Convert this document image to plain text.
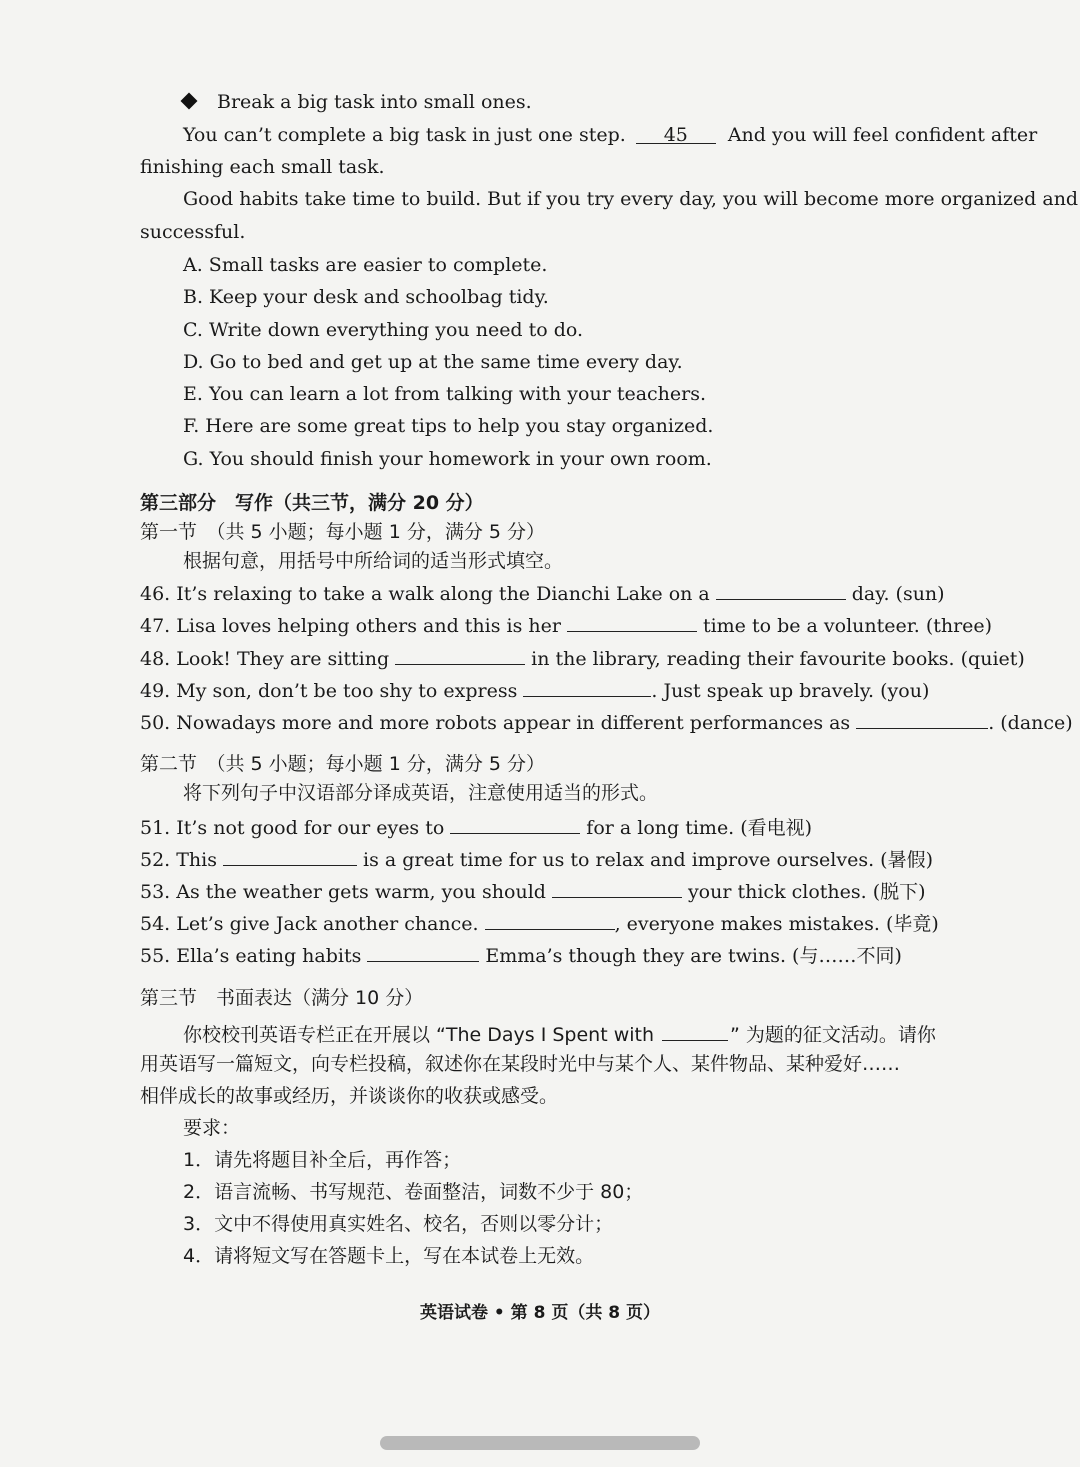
Break a big task into small ones.
You can’t complete a big task in just one step. 45 And you will feel confident after
finishing each small task.
Good habits take time to build. But if you try every day, you will become more organized and
successful.
A. Small tasks are easier to complete.
B. Keep your desk and schoolbag tidy.
C. Write down everything you need to do.
D. Go to bed and get up at the same time every day.
E. You can learn a lot from talking with your teachers.
F. Here are some great tips to help you stay organized.
G. You should finish your homework in your own room.
第三部分　写作（共三节，满分 20 分）
第一节　（共 5 小题；每小题 1 分，满分 5 分）
根据句意，用括号中所给词的适当形式填空。
46. It’s relaxing to take a walk along the Dianchi Lake on a	day. (sun)
47. Lisa loves helping others and this is her	time to be a volunteer. (three)
48. Look! They are sitting	in the library, reading their favourite books. (quiet)
49. My son, don’t be too shy to express	. Just speak up bravely. (you)
50. Nowadays more and more robots appear in different performances as	. (dance)
第二节　（共 5 小题；每小题 1 分，满分 5 分）
将下列句子中汉语部分译成英语，注意使用适当的形式。
51. It’s not good for our eyes to	for a long time. (看电视)
52. This	is a great time for us to relax and improve ourselves. (暑假)
53. As the weather gets warm, you should	your thick clothes. (脱下)
54. Let’s give Jack another chance.	, everyone makes mistakes. (毕竟)
55. Ella’s eating habits	Emma’s though they are twins. (与……不同)
第三节　书面表达（满分 10 分）
你校校刊英语专栏正在开展以 “The Days I Spent with	” 为题的征文活动。请你
用英语写一篇短文，向专栏投稿，叙述你在某段时光中与某个人、某件物品、某种爱好……
相伴成长的故事或经历，并谈谈你的收获或感受。
要求：
1．请先将题目补全后，再作答；
2．语言流畅、书写规范、卷面整洁，词数不少于 80；
3．文中不得使用真实姓名、校名，否则以零分计；
4．请将短文写在答题卡上，写在本试卷上无效。
英语试卷 • 第 8 页（共 8 页）
